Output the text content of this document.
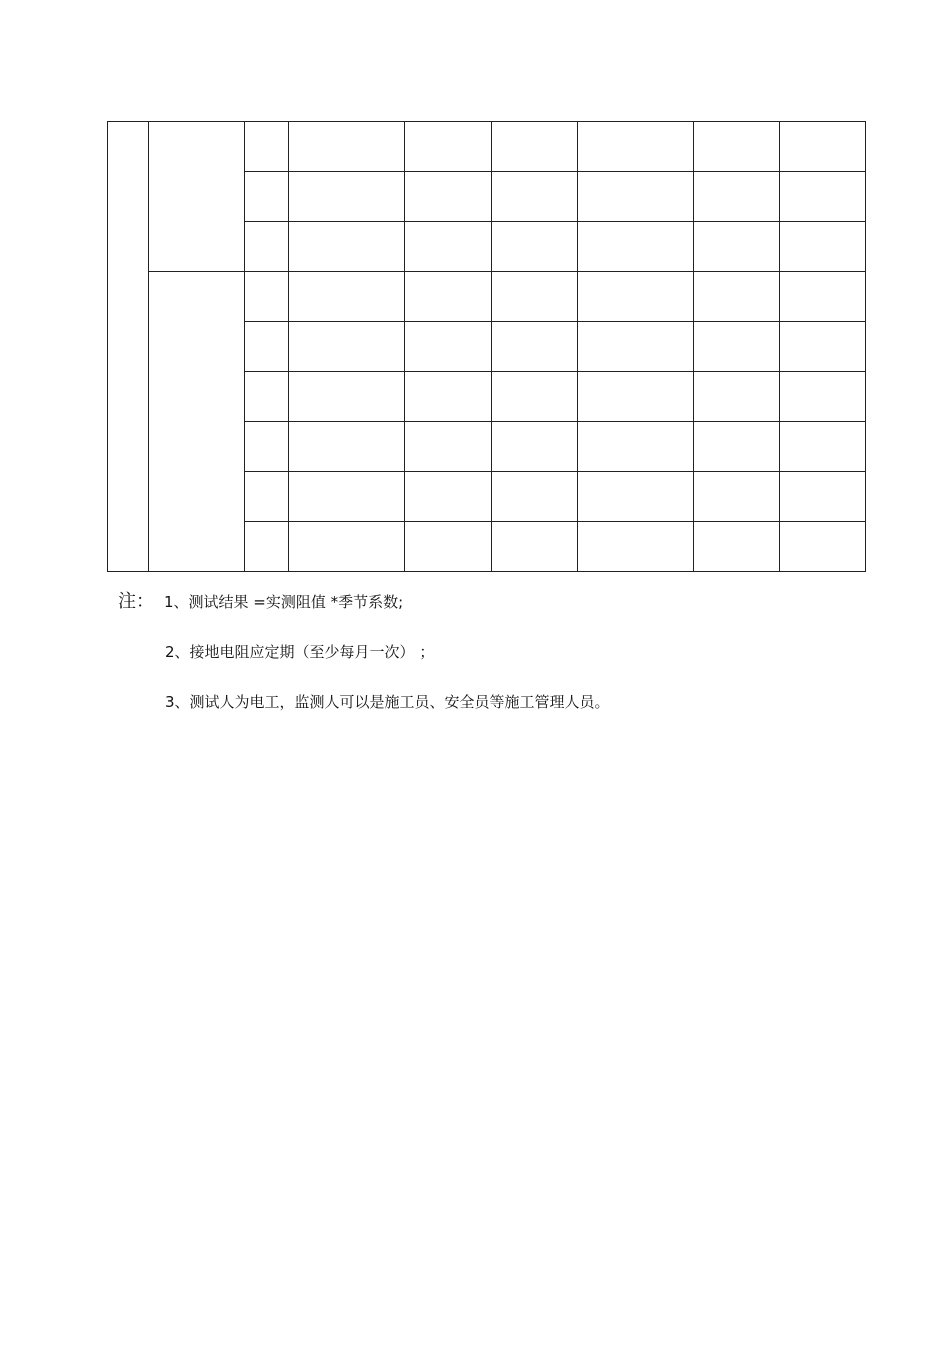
注： 1、测试结果 =实测阻值 *季节系数;
2、接地电阻应定期（至少每月一次） ；
3、测试人为电工，监测人可以是施工员、安全员等施工管理人员。
